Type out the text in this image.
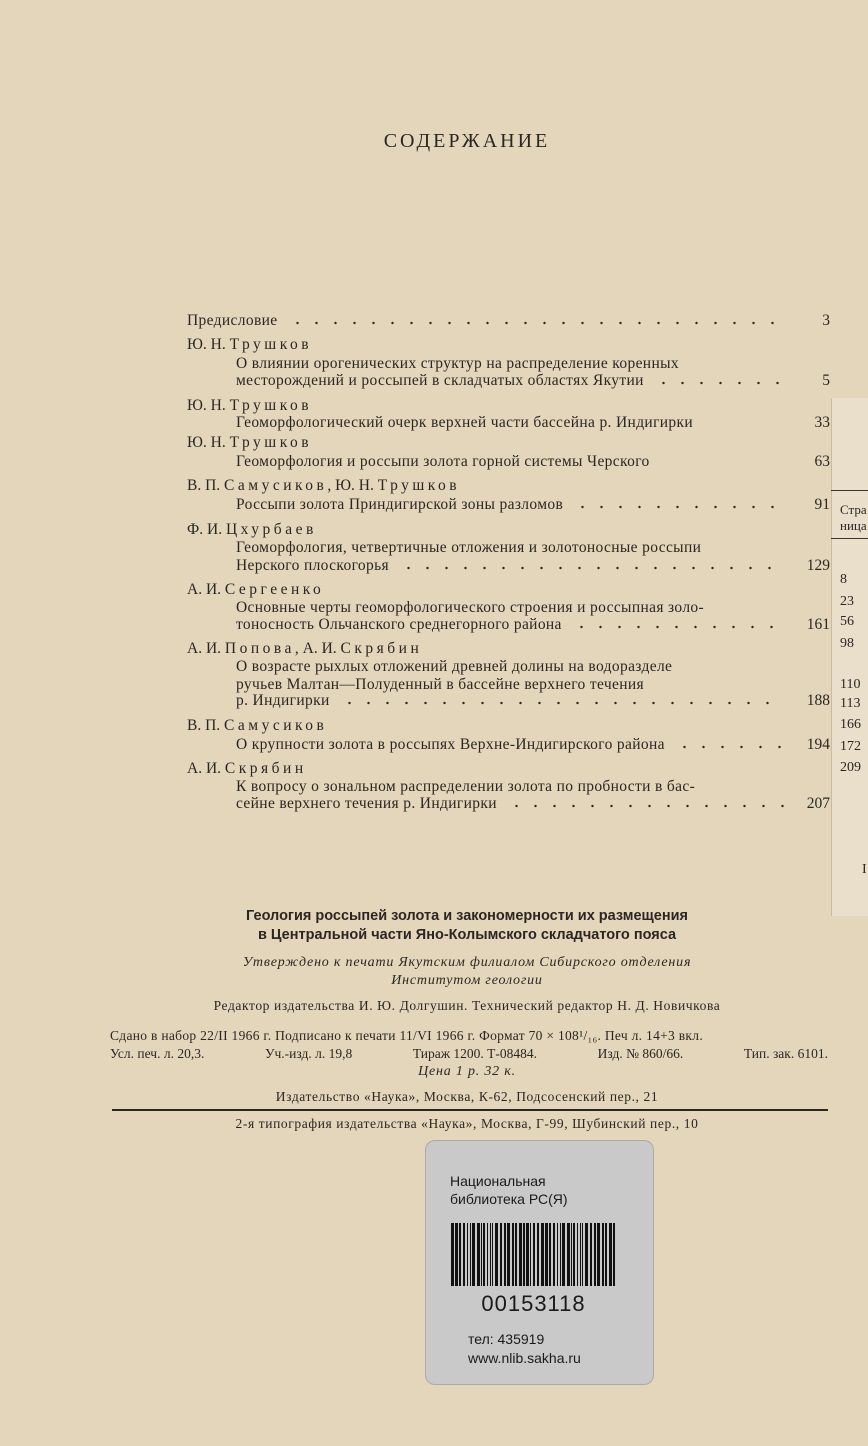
СОДЕРЖАНИЕ
Предисловие	3
Ю. Н. Трушков
О влиянии орогенических структур на распределение коренных
месторождений и россыпей в складчатых областях Якутии	5
Ю. Н. Трушков
Геоморфологический очерк верхней части бассейна р. Индигирки	33
Ю. Н. Трушков
Геоморфология и россыпи золота горной системы Черского	63
В. П. Самусиков, Ю. Н. Трушков
Россыпи золота Приндигирской зоны разломов	91
Ф. И. Цхурбаев
Геоморфология, четвертичные отложения и золотоносные россыпи
Нерского плоскогорья	129
А. И. Сергеенко
Основные черты геоморфологического строения и россыпная золо-
тоносность Ольчанского среднегорного района	161
А. И. Попова, А. И. Скрябин
О возрасте рыхлых отложений древней долины на водоразделе
ручьев Малтан—Полуденный в бассейне верхнего течения
р. Индигирки	188
В. П. Самусиков
О крупности золота в россыпях Верхне-Индигирского района	194
А. И. Скрябин
К вопросу о зональном распределении золота по пробности в бас-
сейне верхнего течения р. Индигирки	207
Стра
ница
8
23
56
98
110
113
166
172
209
I
Геология россыпей золота и закономерности их размещения
в Центральной части Яно-Колымского складчатого пояса
Утверждено к печати Якутским филиалом Сибирского отделения
Институтом геологии
Редактор издательства И. Ю. Долгушин. Технический редактор Н. Д. Новичкова
Сдано в набор 22/II 1966 г. Подписано к печати 11/VI 1966 г. Формат 70 × 108¹/₁₆. Печ л. 14+3 вкл.
Усл. печ. л. 20,3.	Уч.-изд. л. 19,8	Тираж 1200. Т-08484.	Изд. № 860/66.	Тип. зак. 6101.
Цена 1 р. 32 к.
Издательство «Наука», Москва, К-62, Подсосенский пер., 21
2-я типография издательства «Наука», Москва, Г-99, Шубинский пер., 10
Национальная
библиотека РС(Я)
00153118
тел: 435919
www.nlib.sakha.ru
